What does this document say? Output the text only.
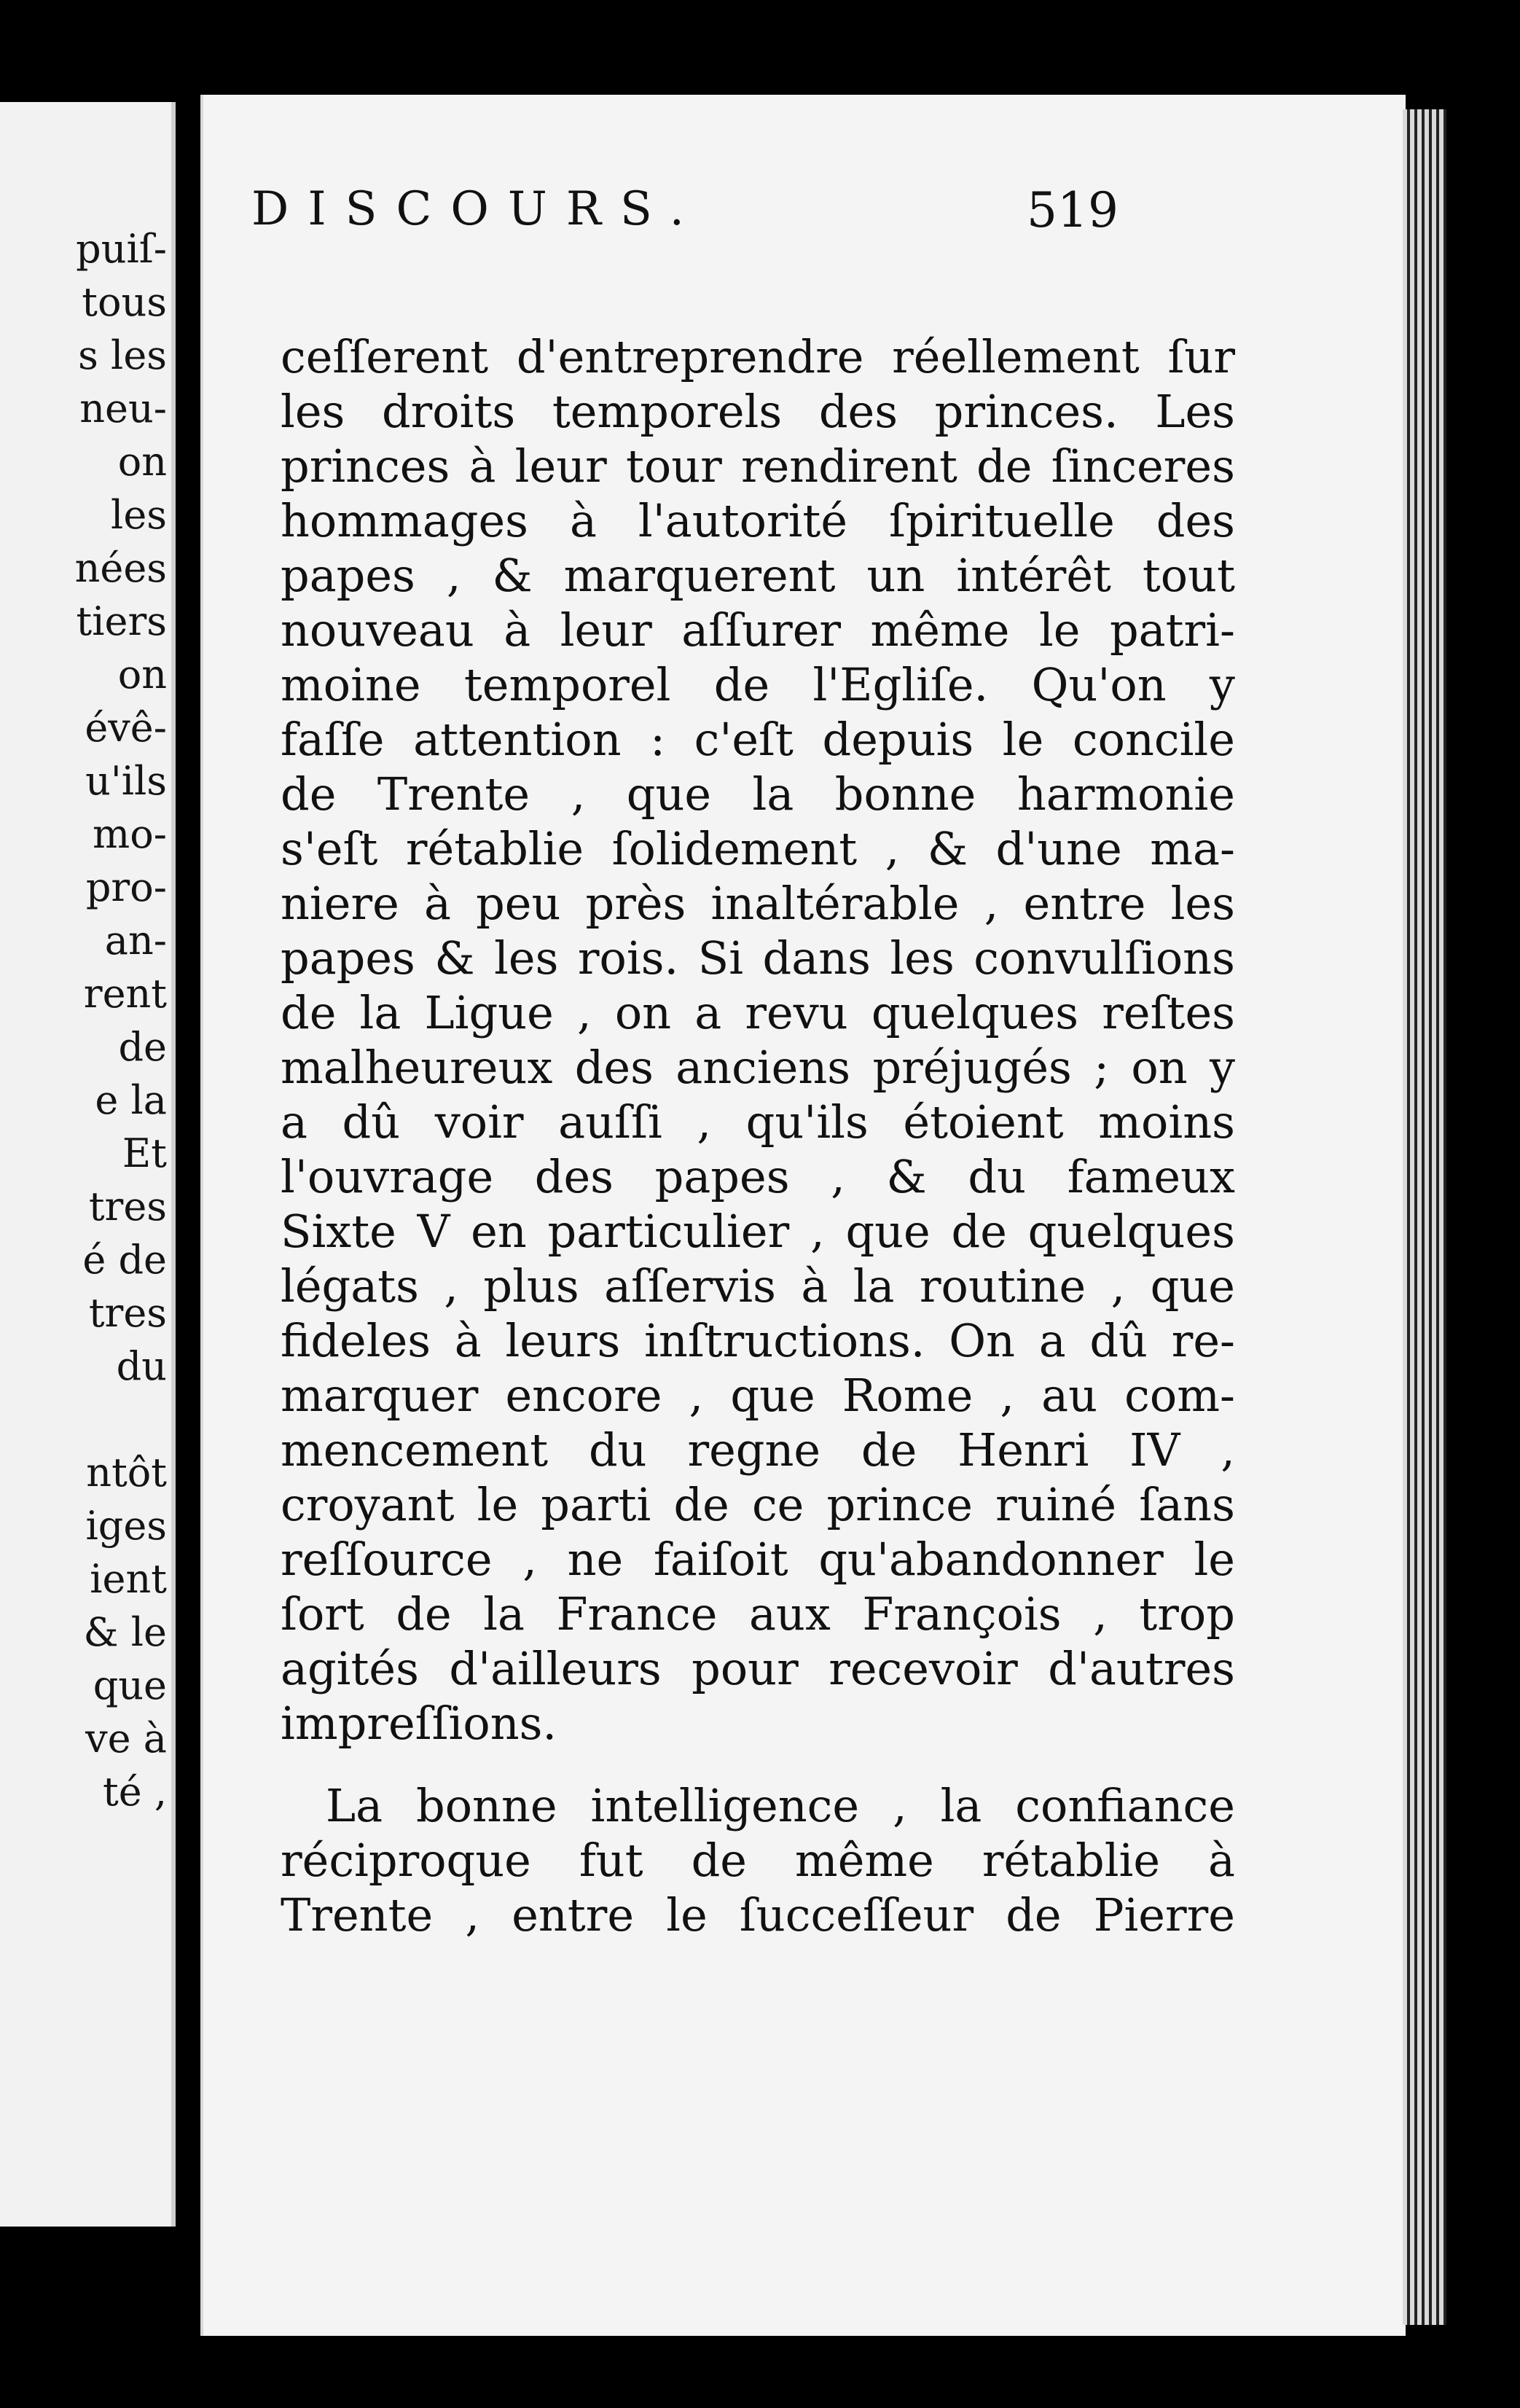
puiſ-
tous
s les
neu-
on
les
nées
tiers
on
évê-
u'ils
mo-
pro-
an-
rent
de
e la
Et
tres
é de
tres
du
ntôt
iges
ient
& le
que
ve à
té ,
DISCOURS.	519
ceſſerent d'entreprendre réellement ſur
les droits temporels des princes. Les
princes à leur tour rendirent de ſinceres
hommages à l'autorité ſpirituelle des
papes , & marquerent un intérêt tout
nouveau à leur aſſurer même le patri-
moine temporel de l'Egliſe. Qu'on y
faſſe attention : c'eſt depuis le concile
de Trente , que la bonne harmonie
s'eſt rétablie ſolidement , & d'une ma-
niere à peu près inaltérable , entre les
papes & les rois. Si dans les convulſions
de la Ligue , on a revu quelques reſtes
malheureux des anciens préjugés ; on y
a dû voir auſſi , qu'ils étoient moins
l'ouvrage des papes , & du fameux
Sixte V en particulier , que de quelques
légats , plus aſſervis à la routine , que
fideles à leurs inſtructions. On a dû re-
marquer encore , que Rome , au com-
mencement du regne de Henri IV ,
croyant le parti de ce prince ruiné ſans
reſſource , ne faiſoit qu'abandonner le
ſort de la France aux François , trop
agités d'ailleurs pour recevoir d'autres
impreſſions.
La bonne intelligence , la confiance
réciproque fut de même rétablie à
Trente , entre le ſucceſſeur de Pierre
